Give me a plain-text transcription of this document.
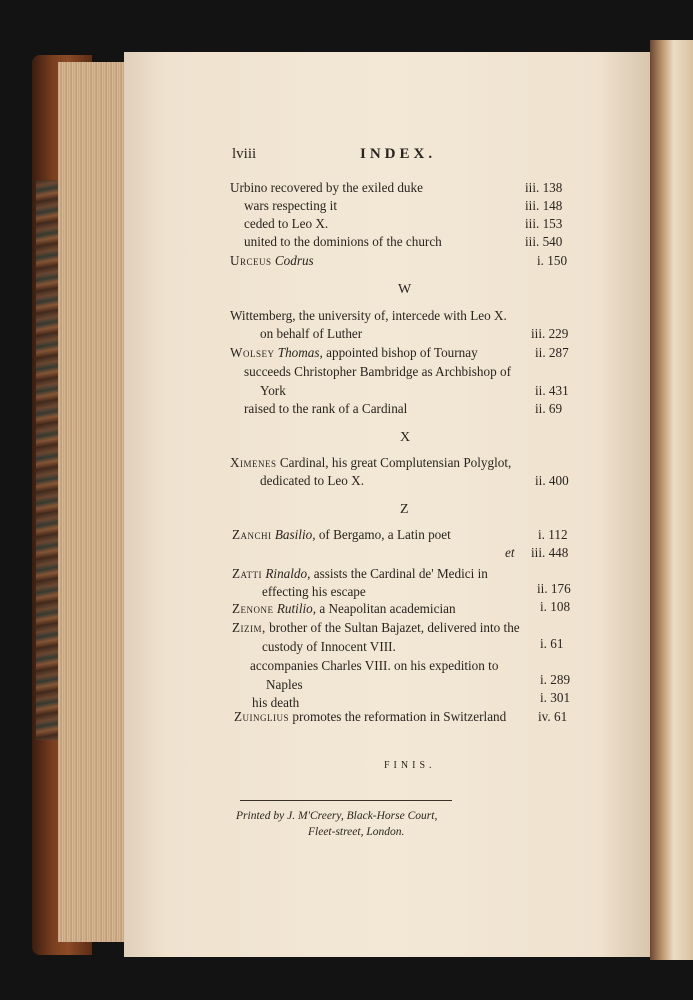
lviii	INDEX.
Urbino recovered by the exiled duke	iii. 138
wars respecting it	iii. 148
ceded to Leo X.	iii. 153
united to the dominions of the church	iii. 540
Urceus Codrus	i. 150
W
Wittemberg, the university of, intercede with Leo X.
on behalf of Luther	iii. 229
Wolsey Thomas, appointed bishop of Tournay	ii. 287
succeeds Christopher Bambridge as Archbishop of
York	ii. 431
raised to the rank of a Cardinal	ii. 69
X
Ximenes Cardinal, his great Complutensian Polyglot,
dedicated to Leo X.	ii. 400
Z
Zanchi Basilio, of Bergamo, a Latin poet	i. 112
et iii. 448
Zatti Rinaldo, assists the Cardinal de' Medici in
effecting his escape	ii. 176
Zenone Rutilio, a Neapolitan academician	i. 108
Zizim, brother of the Sultan Bajazet, delivered into the
custody of Innocent VIII.	i. 61
accompanies Charles VIII. on his expedition to
Naples	i. 289
his death	i. 301
Zuinglius promotes the reformation in Switzerland iv. 61
FINIS.
Printed by J. M'Creery, Black-Horse Court,
Fleet-street, London.
